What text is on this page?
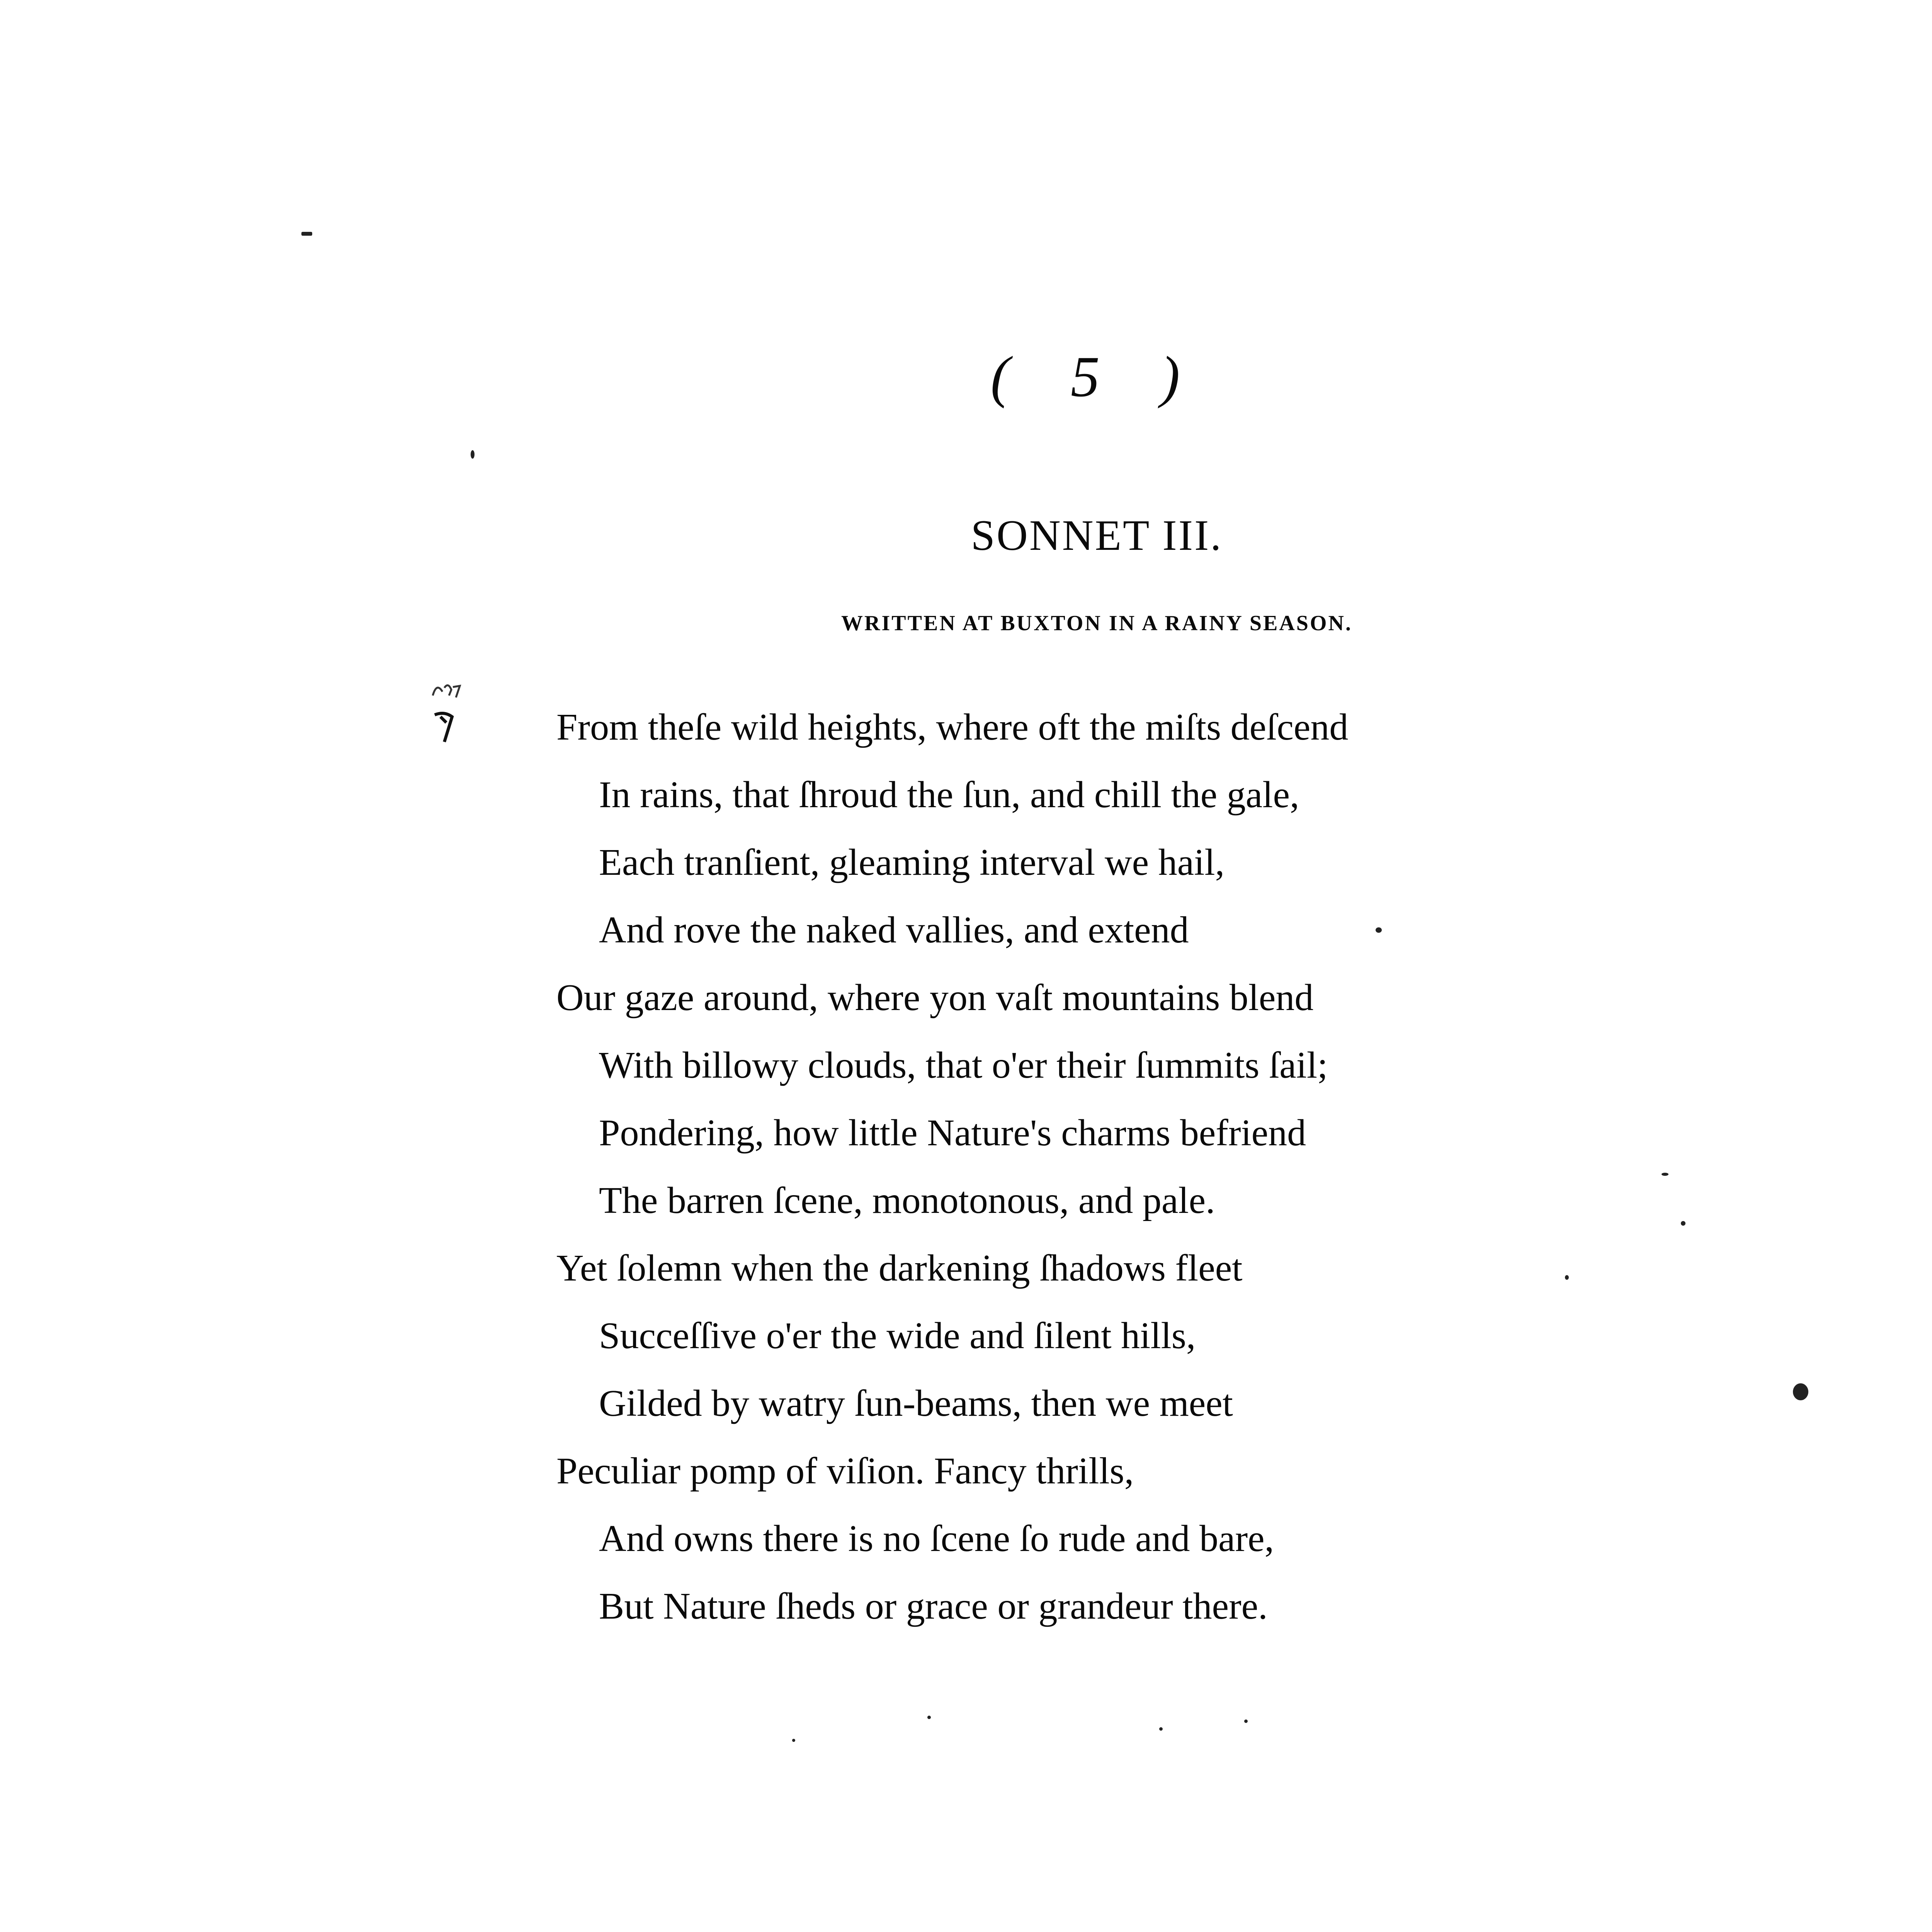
( 5 )
SONNET III.
WRITTEN AT BUXTON IN A RAINY SEASON.
From theſe wild heights, where oft the miſts deſcend
In rains, that ſhroud the ſun, and chill the gale,
Each tranſient, gleaming interval we hail,
And rove the naked vallies, and extend
Our gaze around, where yon vaſt mountains blend
With billowy clouds, that o'er their ſummits ſail;
Pondering, how little Nature's charms befriend
The barren ſcene, monotonous, and pale.
Yet ſolemn when the darkening ſhadows fleet
Succeſſive o'er the wide and ſilent hills,
Gilded by watry ſun-beams, then we meet
Peculiar pomp of viſion. Fancy thrills,
And owns there is no ſcene ſo rude and bare,
But Nature ſheds or grace or grandeur there.
